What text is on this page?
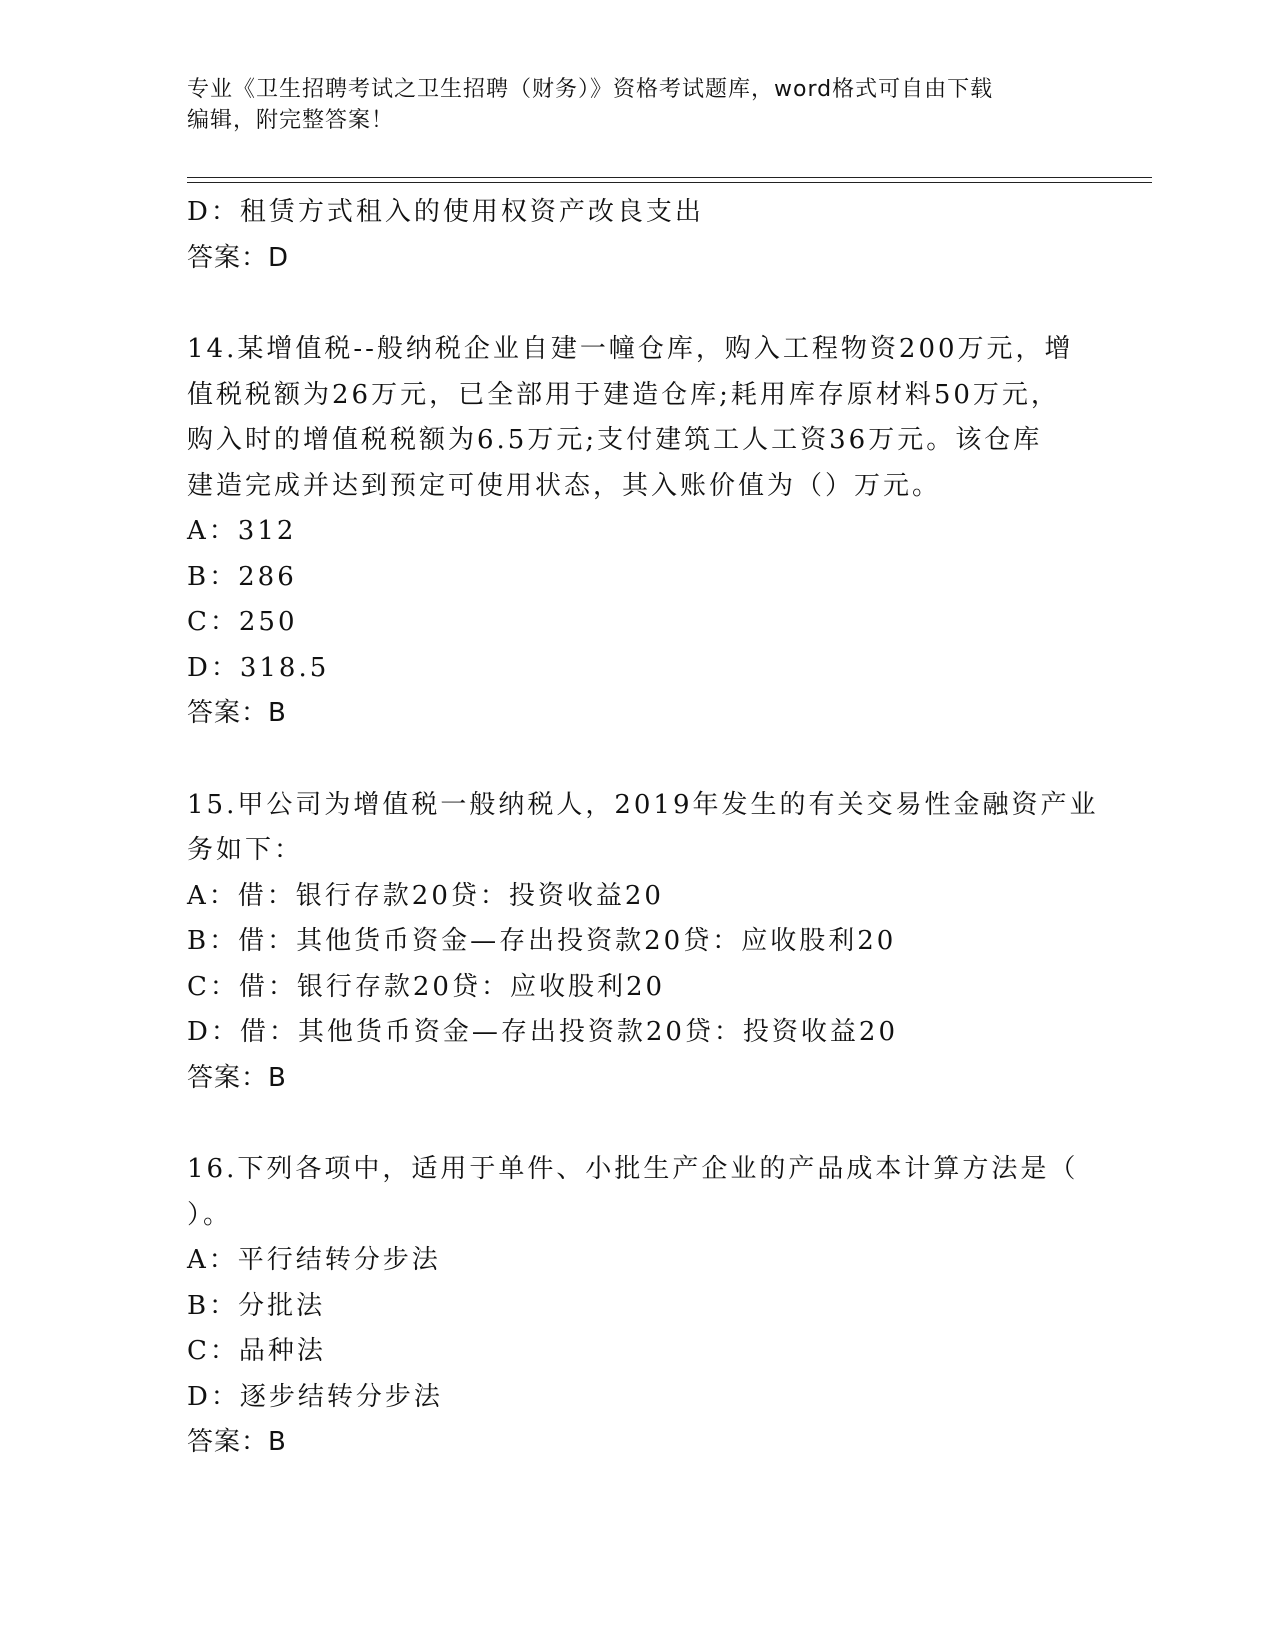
专业《卫生招聘考试之卫生招聘（财务）》资格考试题库，word格式可自由下载
编辑，附完整答案！
D：租赁方式租入的使用权资产改良支出
答案：D
14.某增值税--般纳税企业自建一幢仓库，购入工程物资200万元，增
值税税额为26万元，已全部用于建造仓库;耗用库存原材料50万元，
购入时的增值税税额为6.5万元;支付建筑工人工资36万元。该仓库
建造完成并达到预定可使用状态，其入账价值为（）万元。
A：312
B：286
C：250
D：318.5
答案：B
15.甲公司为增值税一般纳税人，2019年发生的有关交易性金融资产业
务如下：
A：借：银行存款20贷：投资收益20
B：借：其他货币资金—存出投资款20贷：应收股利20
C：借：银行存款20贷：应收股利20
D：借：其他货币资金—存出投资款20贷：投资收益20
答案：B
16.下列各项中，适用于单件、小批生产企业的产品成本计算方法是（
）。
A：平行结转分步法
B：分批法
C：品种法
D：逐步结转分步法
答案：B
